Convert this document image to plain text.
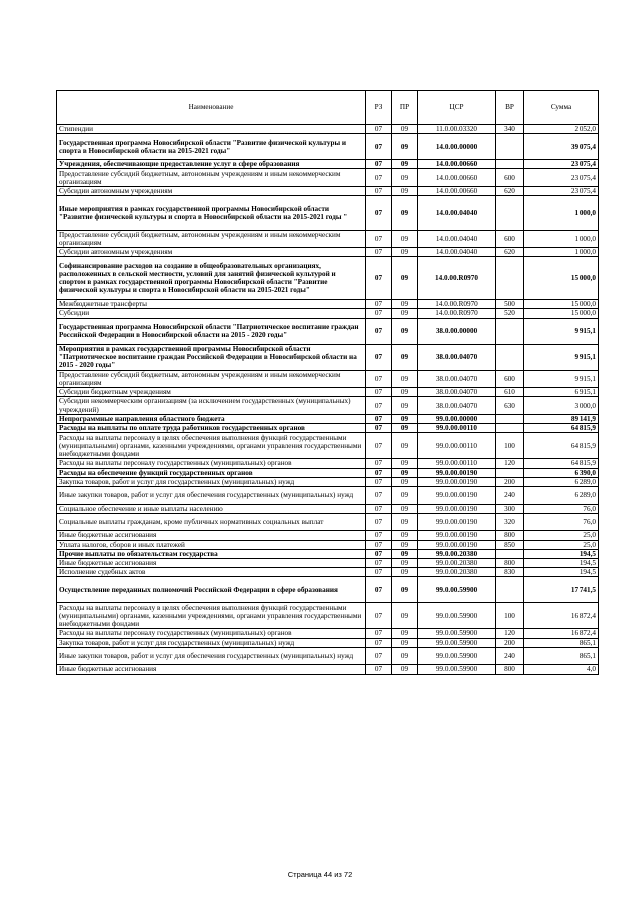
Наименование	РЗ	ПР	ЦСР	ВР	Сумма
Стипендии	07	09	11.0.00.03320	340	2 052,0
Государственная программа Новосибирской области "Развитие физической культуры и спорта в Новосибирской области на 2015-2021 годы"	07	09	14.0.00.00000		39 075,4
Учреждения, обеспечивающие предоставление услуг в сфере образования	07	09	14.0.00.00660		23 075,4
Предоставление субсидий бюджетным, автономным учреждениям и иным некоммерческим организациям	07	09	14.0.00.00660	600	23 075,4
Субсидии автономным учреждениям	07	09	14.0.00.00660	620	23 075,4
Иные мероприятия в рамках государственной программы Новосибирской области "Развитие физической культуры и спорта в Новосибирской области на 2015-2021 годы "	07	09	14.0.00.04040		1 000,0
Предоставление субсидий бюджетным, автономным учреждениям и иным некоммерческим организациям	07	09	14.0.00.04040	600	1 000,0
Субсидии автономным учреждениям	07	09	14.0.00.04040	620	1 000,0
Софинансирование расходов на создание в общеобразовательных организациях, расположенных в сельской местности, условий для занятий физической культурой и спортом в рамках государственной программы Новосибирской области "Развитие физической культуры и спорта в Новосибирской области на 2015-2021 годы"	07	09	14.0.00.R0970		15 000,0
Межбюджетные трансферты	07	09	14.0.00.R0970	500	15 000,0
Субсидии	07	09	14.0.00.R0970	520	15 000,0
Государственная программа Новосибирской области "Патриотическое воспитание граждан Российской Федерации в Новосибирской области на 2015 - 2020 годы"	07	09	38.0.00.00000		9 915,1
Мероприятия в рамках государственной программы Новосибирской области "Патриотическое воспитание граждан Российской Федерации в Новосибирской области на 2015 - 2020 годы"	07	09	38.0.00.04070		9 915,1
Предоставление субсидий бюджетным, автономным учреждениям и иным некоммерческим организациям	07	09	38.0.00.04070	600	9 915,1
Субсидии бюджетным учреждениям	07	09	38.0.00.04070	610	6 915,1
Субсидии некоммерческим организациям (за исключением государственных (муниципальных) учреждений)	07	09	38.0.00.04070	630	3 000,0
Непрограммные направления областного бюджета	07	09	99.0.00.00000		89 141,9
Расходы на выплаты по оплате труда работников государственных органов	07	09	99.0.00.00110		64 815,9
Расходы на выплаты персоналу в целях обеспечения выполнения функций государственными (муниципальными) органами, казенными учреждениями, органами управления государственными внебюджетными фондами	07	09	99.0.00.00110	100	64 815,9
Расходы на выплаты персоналу государственных (муниципальных) органов	07	09	99.0.00.00110	120	64 815,9
Расходы на обеспечение функций государственных органов	07	09	99.0.00.00190		6 390,0
Закупка товаров, работ и услуг для государственных (муниципальных) нужд	07	09	99.0.00.00190	200	6 289,0
Иные закупки товаров, работ и услуг для обеспечения государственных (муниципальных) нужд	07	09	99.0.00.00190	240	6 289,0
Социальное обеспечение и иные выплаты населению	07	09	99.0.00.00190	300	76,0
Социальные выплаты гражданам, кроме публичных нормативных социальных выплат	07	09	99.0.00.00190	320	76,0
Иные бюджетные ассигнования	07	09	99.0.00.00190	800	25,0
Уплата налогов, сборов и иных платежей	07	09	99.0.00.00190	850	25,0
Прочие выплаты по обязательствам государства	07	09	99.0.00.20380		194,5
Иные бюджетные ассигнования	07	09	99.0.00.20380	800	194,5
Исполнение судебных актов	07	09	99.0.00.20380	830	194,5
Осуществление переданных полномочий Российской Федерации в сфере образования	07	09	99.0.00.59900		17 741,5
Расходы на выплаты персоналу в целях обеспечения выполнения функций государственными (муниципальными) органами, казенными учреждениями, органами управления государственными внебюджетными фондами	07	09	99.0.00.59900	100	16 872,4
Расходы на выплаты персоналу государственных (муниципальных) органов	07	09	99.0.00.59900	120	16 872,4
Закупка товаров, работ и услуг для государственных (муниципальных) нужд	07	09	99.0.00.59900	200	865,1
Иные закупки товаров, работ и услуг для обеспечения государственных (муниципальных) нужд	07	09	99.0.00.59900	240	865,1
Иные бюджетные ассигнования	07	09	99.0.00.59900	800	4,0
Страница 44 из 72
